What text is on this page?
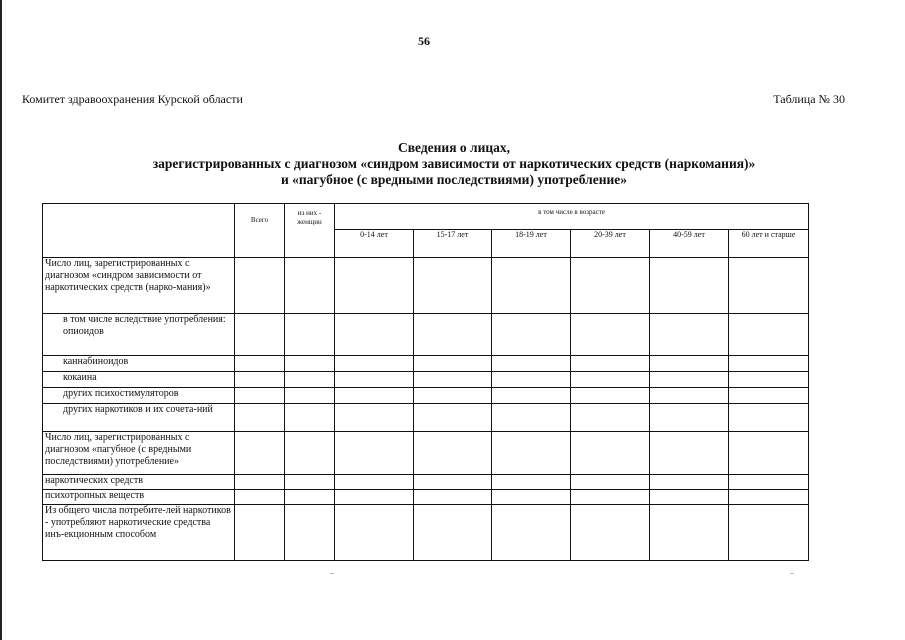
56
Комитет здравоохранения Курской области	Таблица № 30
Сведения о лицах,
зарегистрированных с диагнозом «синдром зависимости от наркотических средств (наркомания)»
и «пагубное (с вредными последствиями) употребление»
	Всего	из них - женщин	в том числе в возрасте					
			0-14 лет	15-17 лет	18-19 лет	20-39 лет	40-59 лет	60 лет и старше
Число лиц, зарегистрированных с диагнозом «синдром зависимости от наркотических средств (нарко-мания)»								
в том числе вследствие употребления: опиоидов								
каннабиноидов								
кокаина								
других психостимуляторов								
других наркотиков и их сочета-ний								
Число лиц, зарегистрированных с диагнозом «пагубное (с вредными последствиями) употребление»								
наркотических средств								
психотропных веществ								
Из общего числа потребите-лей наркотиков - употребляют наркотические средства инъ-екционным способом								
